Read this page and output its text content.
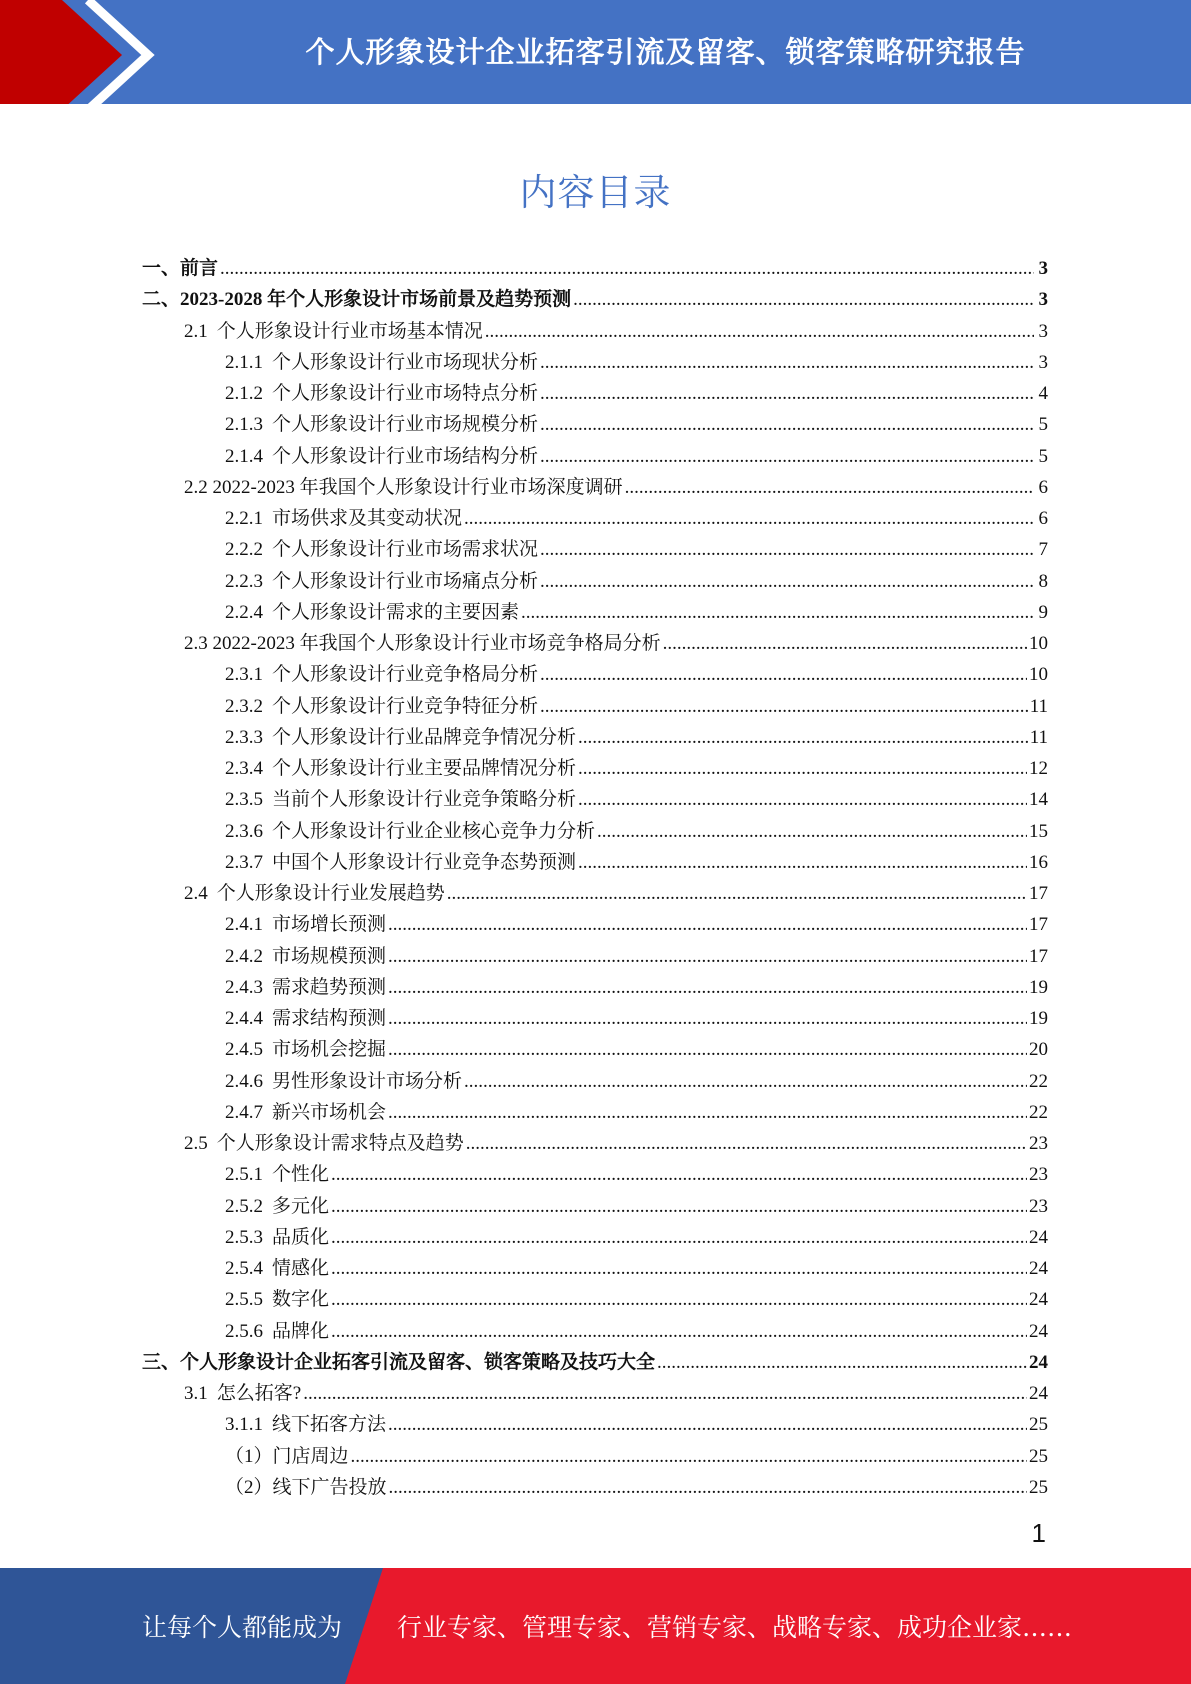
个人形象设计企业拓客引流及留客、锁客策略研究报告
内容目录
一、前言 .....	3
二、2023-2028 年个人形象设计市场前景及趋势预测 .....	3
2.1 个人形象设计行业市场基本情况 .....	3
2.1.1 个人形象设计行业市场现状分析 .....	3
2.1.2 个人形象设计行业市场特点分析 .....	4
2.1.3 个人形象设计行业市场规模分析 .....	5
2.1.4 个人形象设计行业市场结构分析 .....	5
2.2 2022-2023 年我国个人形象设计行业市场深度调研 .....	6
2.2.1 市场供求及其变动状况 .....	6
2.2.2 个人形象设计行业市场需求状况 .....	7
2.2.3 个人形象设计行业市场痛点分析 .....	8
2.2.4 个人形象设计需求的主要因素 .....	9
2.3 2022-2023 年我国个人形象设计行业市场竞争格局分析 .....	10
2.3.1 个人形象设计行业竞争格局分析 .....	10
2.3.2 个人形象设计行业竞争特征分析 .....	11
2.3.3 个人形象设计行业品牌竞争情况分析 .....	11
2.3.4 个人形象设计行业主要品牌情况分析 .....	12
2.3.5 当前个人形象设计行业竞争策略分析 .....	14
2.3.6 个人形象设计行业企业核心竞争力分析 .....	15
2.3.7 中国个人形象设计行业竞争态势预测 .....	16
2.4 个人形象设计行业发展趋势 .....	17
2.4.1 市场增长预测 .....	17
2.4.2 市场规模预测 .....	17
2.4.3 需求趋势预测 .....	19
2.4.4 需求结构预测 .....	19
2.4.5 市场机会挖掘 .....	20
2.4.6 男性形象设计市场分析 .....	22
2.4.7 新兴市场机会 .....	22
2.5 个人形象设计需求特点及趋势 .....	23
2.5.1 个性化 .....	23
2.5.2 多元化 .....	23
2.5.3 品质化 .....	24
2.5.4 情感化 .....	24
2.5.5 数字化 .....	24
2.5.6 品牌化 .....	24
三、个人形象设计企业拓客引流及留客、锁客策略及技巧大全 .....	24
3.1 怎么拓客? .....	24
3.1.1 线下拓客方法 .....	25
（1）门店周边 .....	25
（2）线下广告投放 .....	25
1
让每个人都能成为 行业专家、管理专家、营销专家、战略专家、成功企业家……
